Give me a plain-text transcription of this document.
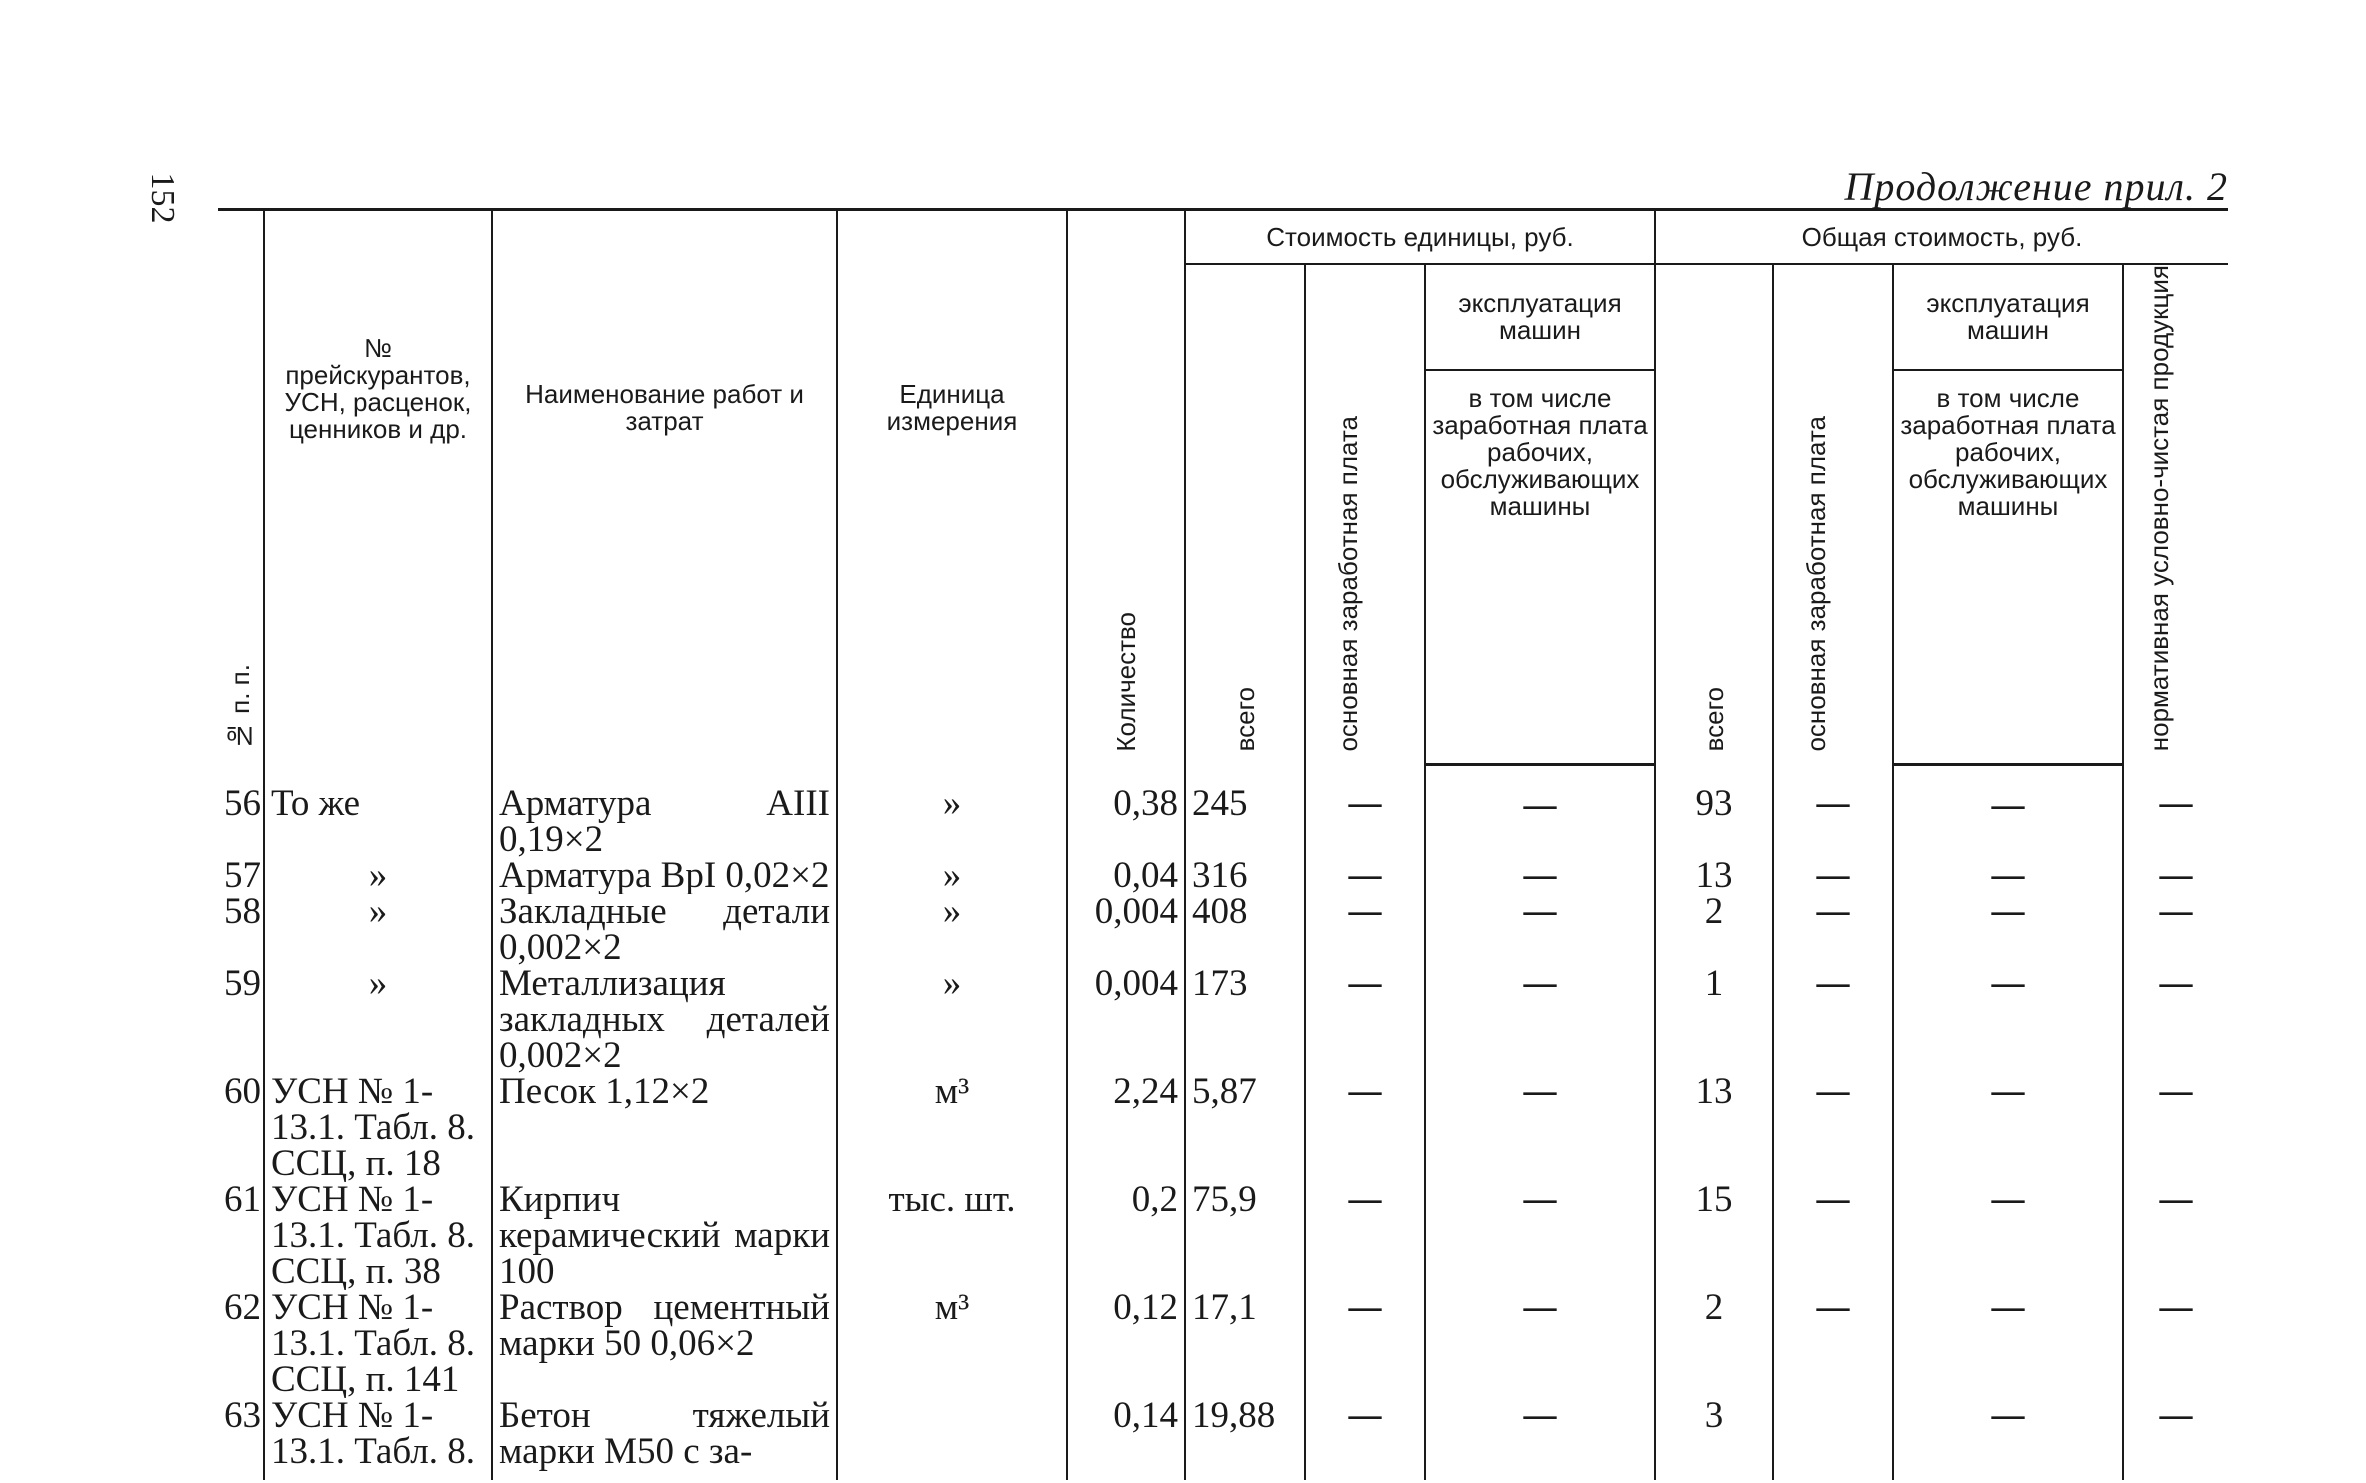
152	Продолжение прил. 2
№ п. п.	№ прейскурантов, УСН, расценок, ценников и др.	Наименование работ и затрат	Единица измерения	Количество	Стоимость единицы, руб.			Общая стоимость, руб.			
					всего	основная заработная плата	эксплуатация машин	всего	основная заработная плата	эксплуатация машин	нормативная условно-чистая продукция
							в том числе заработная плата рабочих, обслуживающих машины			в том числе заработная плата рабочих, обслуживающих машины	
56	То же	Арматура АIII 0,19×2	»	0,38	245	—	—	93	—	—	—
57	»	Арматура ВрI 0,02×2	»	0,04	316	—	—	13	—	—	—
58	»	Закладные детали 0,002×2	»	0,004	408	—	—	2	—	—	—
59	»	Металлизация закладных деталей 0,002×2	»	0,004	173	—	—	1	—	—	—
60	УСН № 1-13.1. Табл. 8. ССЦ, п. 18	Песок 1,12×2	м³	2,24	5,87	—	—	13	—	—	—
61	УСН № 1-13.1. Табл. 8. ССЦ, п. 38	Кирпич керамический марки 100	тыс. шт.	0,2	75,9	—	—	15	—	—	—
62	УСН № 1-13.1. Табл. 8. ССЦ, п. 141	Раствор цементный марки 50 0,06×2	м³	0,12	17,1	—	—	2	—	—	—
63	УСН № 1-13.1. Табл. 8.	Бетон тяжелый марки М50 с за-		0,14	19,88	—	—	3		—	—
